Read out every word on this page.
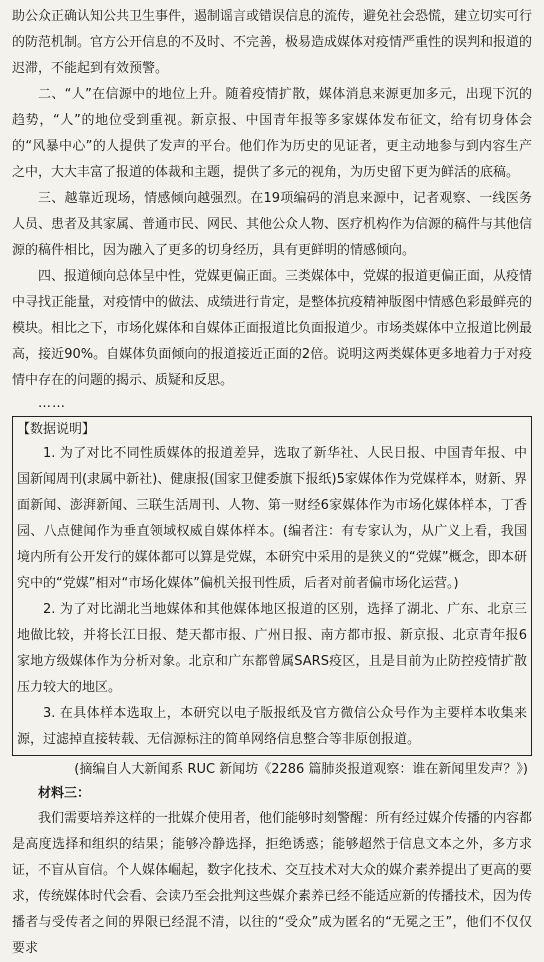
助公众正确认知公共卫生事件，遏制谣言或错误信息的流传，避免社会恐慌，建立切实可行的防范机制。官方公开信息的不及时、不完善，极易造成媒体对疫情严重性的误判和报道的迟滞，不能起到有效预警。

二、“人”在信源中的地位上升。随着疫情扩散，媒体消息来源更加多元，出现下沉的趋势，“人”的地位受到重视。新京报、中国青年报等多家媒体发布征文，给有切身体会的“风暴中心”的人提供了发声的平台。他们作为历史的见证者，更主动地参与到内容生产之中，大大丰富了报道的体裁和主题，提供了多元的视角，为历史留下更为鲜活的底稿。

三、越靠近现场，情感倾向越强烈。在19项编码的消息来源中，记者观察、一线医务人员、患者及其家属、普通市民、网民、其他公众人物、医疗机构作为信源的稿件与其他信源的稿件相比，因为融入了更多的切身经历，具有更鲜明的情感倾向。

四、报道倾向总体呈中性，党媒更偏正面。三类媒体中，党媒的报道更偏正面，从疫情中寻找正能量，对疫情中的做法、成绩进行肯定，是整体抗疫精神版图中情感色彩最鲜亮的模块。相比之下，市场化媒体和自媒体正面报道比负面报道少。市场类媒体中立报道比例最高，接近90%。自媒体负面倾向的报道接近正面的2倍。说明这两类媒体更多地着力于对疫情中存在的问题的揭示、质疑和反思。

……

【数据说明】

1. 为了对比不同性质媒体的报道差异，选取了新华社、人民日报、中国青年报、中国新闻周刊(隶属中新社)、健康报(国家卫健委旗下报纸)5家媒体作为党媒样本，财新、界面新闻、澎湃新闻、三联生活周刊、人物、第一财经6家媒体作为市场化媒体样本，丁香园、八点健闻作为垂直领域权威自媒体样本。(编者注：有专家认为，从广义上看，我国境内所有公开发行的媒体都可以算是党媒，本研究中采用的是狭义的“党媒”概念，即本研究中的“党媒”相对“市场化媒体”偏机关报刊性质，后者对前者偏市场化运营。)

2. 为了对比湖北当地媒体和其他媒体地区报道的区别，选择了湖北、广东、北京三地做比较，并将长江日报、楚天都市报、广州日报、南方都市报、新京报、北京青年报6家地方级媒体作为分析对象。北京和广东都曾属SARS疫区，且是目前为止防控疫情扩散压力较大的地区。

3. 在具体样本选取上，本研究以电子版报纸及官方微信公众号作为主要样本收集来源，过滤掉直接转载、无信源标注的简单网络信息整合等非原创报道。

(摘编自人大新闻系 RUC 新闻坊《2286 篇肺炎报道观察：谁在新闻里发声？》)

材料三：

我们需要培养这样的一批媒介使用者，他们能够时刻警醒：所有经过媒介传播的内容都是高度选择和组织的结果；能够冷静选择，拒绝诱惑；能够超然于信息文本之外，多方求证，不盲从盲信。个人媒体崛起，数字化技术、交互技术对大众的媒介素养提出了更高的要求，传统媒体时代会看、会读乃至会批判这些媒介素养已经不能适应新的传播技术，因为传播者与受传者之间的界限已经混不清，以往的“受众”成为匿名的“无冕之王”，他们不仅仅要求
